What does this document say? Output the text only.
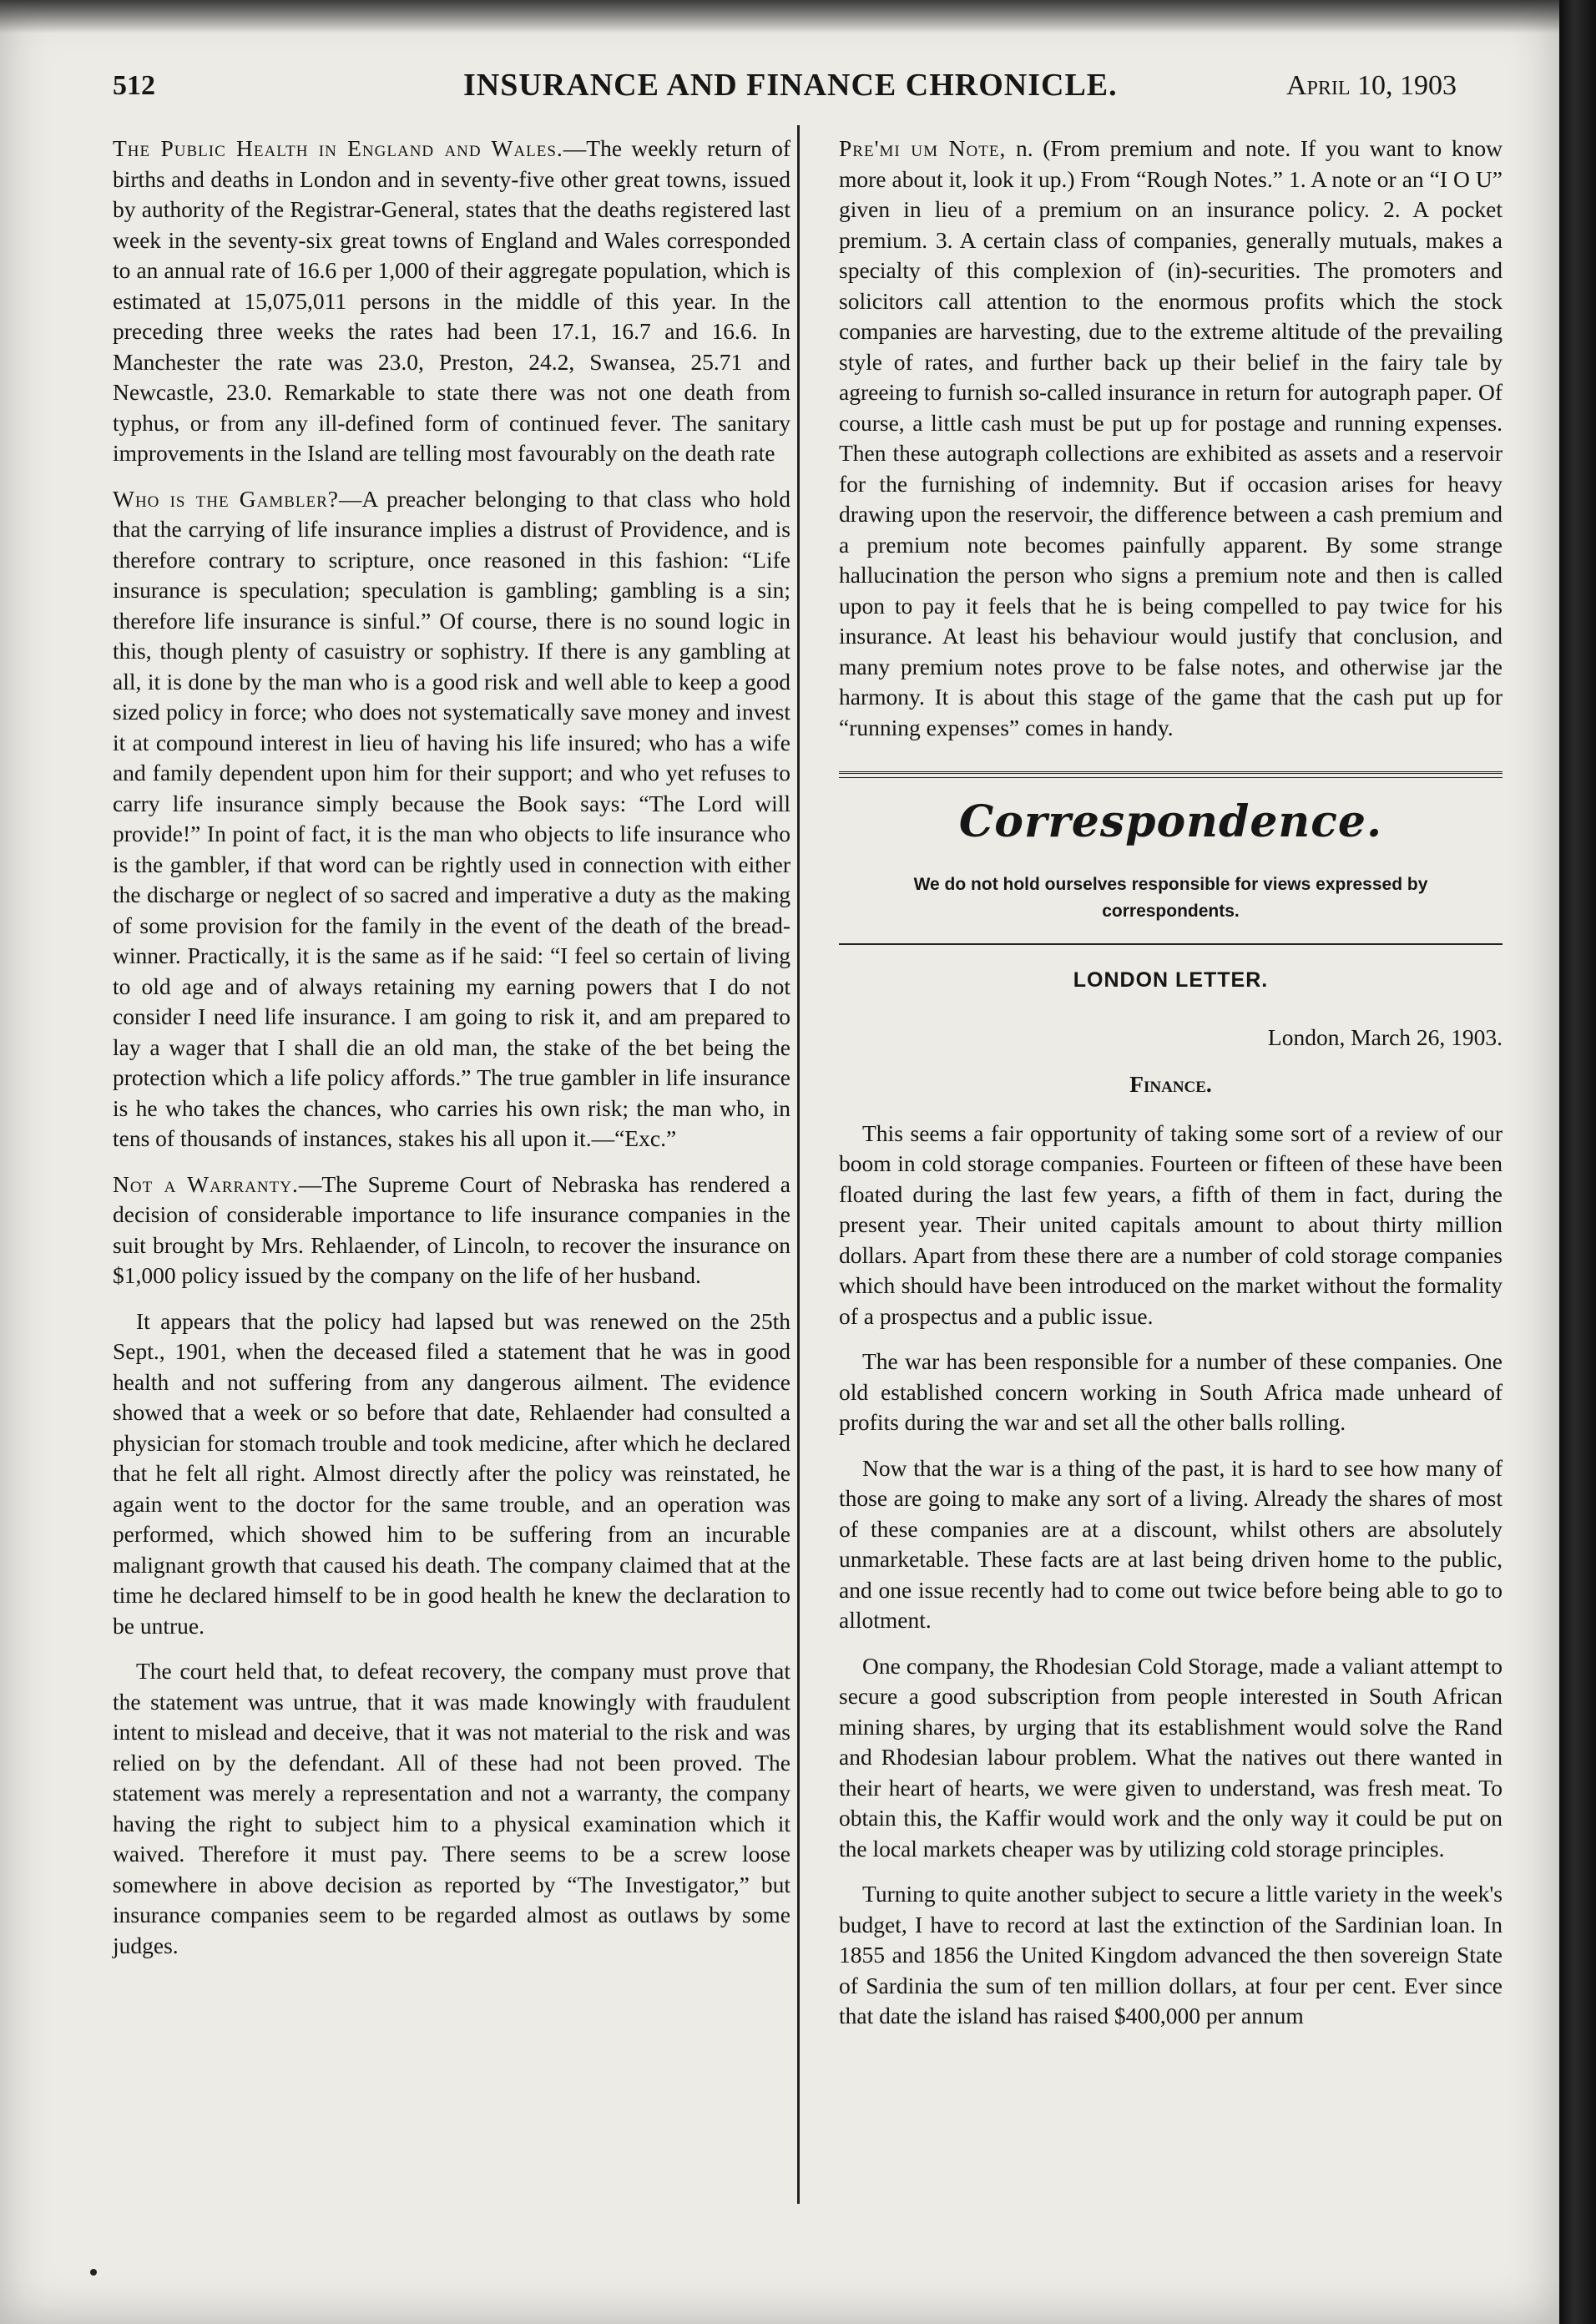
512	INSURANCE AND FINANCE CHRONICLE.	April 10, 1903

The Public Health in England and Wales.—The weekly return of births and deaths in London and in seventy-five other great towns, issued by authority of the Registrar-General, states that the deaths registered last week in the seventy-six great towns of England and Wales corresponded to an annual rate of 16.6 per 1,000 of their aggregate population, which is estimated at 15,075,011 persons in the middle of this year. In the preceding three weeks the rates had been 17.1, 16.7 and 16.6. In Manchester the rate was 23.0, Preston, 24.2, Swansea, 25.71 and Newcastle, 23.0. Remarkable to state there was not one death from typhus, or from any ill-defined form of continued fever. The sanitary improvements in the Island are telling most favourably on the death rate

Who is the Gambler?—A preacher belonging to that class who hold that the carrying of life insurance implies a distrust of Providence, and is therefore contrary to scripture, once reasoned in this fashion: “Life insurance is speculation; speculation is gambling; gambling is a sin; therefore life insurance is sinful.” Of course, there is no sound logic in this, though plenty of casuistry or sophistry. If there is any gambling at all, it is done by the man who is a good risk and well able to keep a good sized policy in force; who does not systematically save money and invest it at compound interest in lieu of having his life insured; who has a wife and family dependent upon him for their support; and who yet refuses to carry life insurance simply because the Book says: “The Lord will provide!” In point of fact, it is the man who objects to life insurance who is the gambler, if that word can be rightly used in connection with either the discharge or neglect of so sacred and imperative a duty as the making of some provision for the family in the event of the death of the bread-winner. Practically, it is the same as if he said: “I feel so certain of living to old age and of always retaining my earning powers that I do not consider I need life insurance. I am going to risk it, and am prepared to lay a wager that I shall die an old man, the stake of the bet being the protection which a life policy affords.” The true gambler in life insurance is he who takes the chances, who carries his own risk; the man who, in tens of thousands of instances, stakes his all upon it.—“Exc.”

Not a Warranty.—The Supreme Court of Nebraska has rendered a decision of considerable importance to life insurance companies in the suit brought by Mrs. Rehlaender, of Lincoln, to recover the insurance on $1,000 policy issued by the company on the life of her husband.

It appears that the policy had lapsed but was renewed on the 25th Sept., 1901, when the deceased filed a statement that he was in good health and not suffering from any dangerous ailment. The evidence showed that a week or so before that date, Rehlaender had consulted a physician for stomach trouble and took medicine, after which he declared that he felt all right. Almost directly after the policy was reinstated, he again went to the doctor for the same trouble, and an operation was performed, which showed him to be suffering from an incurable malignant growth that caused his death. The company claimed that at the time he declared himself to be in good health he knew the declaration to be untrue.

The court held that, to defeat recovery, the company must prove that the statement was untrue, that it was made knowingly with fraudulent intent to mislead and deceive, that it was not material to the risk and was relied on by the defendant. All of these had not been proved. The statement was merely a representation and not a warranty, the company having the right to subject him to a physical examination which it waived. Therefore it must pay. There seems to be a screw loose somewhere in above decision as reported by “The Investigator,” but insurance companies seem to be regarded almost as outlaws by some judges.

Pre'mi um Note, n. (From premium and note. If you want to know more about it, look it up.) From “Rough Notes.” 1. A note or an “I O U” given in lieu of a premium on an insurance policy. 2. A pocket premium. 3. A certain class of companies, generally mutuals, makes a specialty of this complexion of (in)-securities. The promoters and solicitors call attention to the enormous profits which the stock companies are harvesting, due to the extreme altitude of the prevailing style of rates, and further back up their belief in the fairy tale by agreeing to furnish so-called insurance in return for autograph paper. Of course, a little cash must be put up for postage and running expenses. Then these autograph collections are exhibited as assets and a reservoir for the furnishing of indemnity. But if occasion arises for heavy drawing upon the reservoir, the difference between a cash premium and a premium note becomes painfully apparent. By some strange hallucination the person who signs a premium note and then is called upon to pay it feels that he is being compelled to pay twice for his insurance. At least his behaviour would justify that conclusion, and many premium notes prove to be false notes, and otherwise jar the harmony. It is about this stage of the game that the cash put up for “running expenses” comes in handy.

Correspondence.
We do not hold ourselves responsible for views expressed by correspondents.
LONDON LETTER.
London, March 26, 1903.
Finance.

This seems a fair opportunity of taking some sort of a review of our boom in cold storage companies. Fourteen or fifteen of these have been floated during the last few years, a fifth of them in fact, during the present year. Their united capitals amount to about thirty million dollars. Apart from these there are a number of cold storage companies which should have been introduced on the market without the formality of a prospectus and a public issue.

The war has been responsible for a number of these companies. One old established concern working in South Africa made unheard of profits during the war and set all the other balls rolling.

Now that the war is a thing of the past, it is hard to see how many of those are going to make any sort of a living. Already the shares of most of these companies are at a discount, whilst others are absolutely unmarketable. These facts are at last being driven home to the public, and one issue recently had to come out twice before being able to go to allotment.

One company, the Rhodesian Cold Storage, made a valiant attempt to secure a good subscription from people interested in South African mining shares, by urging that its establishment would solve the Rand and Rhodesian labour problem. What the natives out there wanted in their heart of hearts, we were given to understand, was fresh meat. To obtain this, the Kaffir would work and the only way it could be put on the local markets cheaper was by utilizing cold storage principles.

Turning to quite another subject to secure a little variety in the week's budget, I have to record at last the extinction of the Sardinian loan. In 1855 and 1856 the United Kingdom advanced the then sovereign State of Sardinia the sum of ten million dollars, at four per cent. Ever since that date the island has raised $400,000 per annum
